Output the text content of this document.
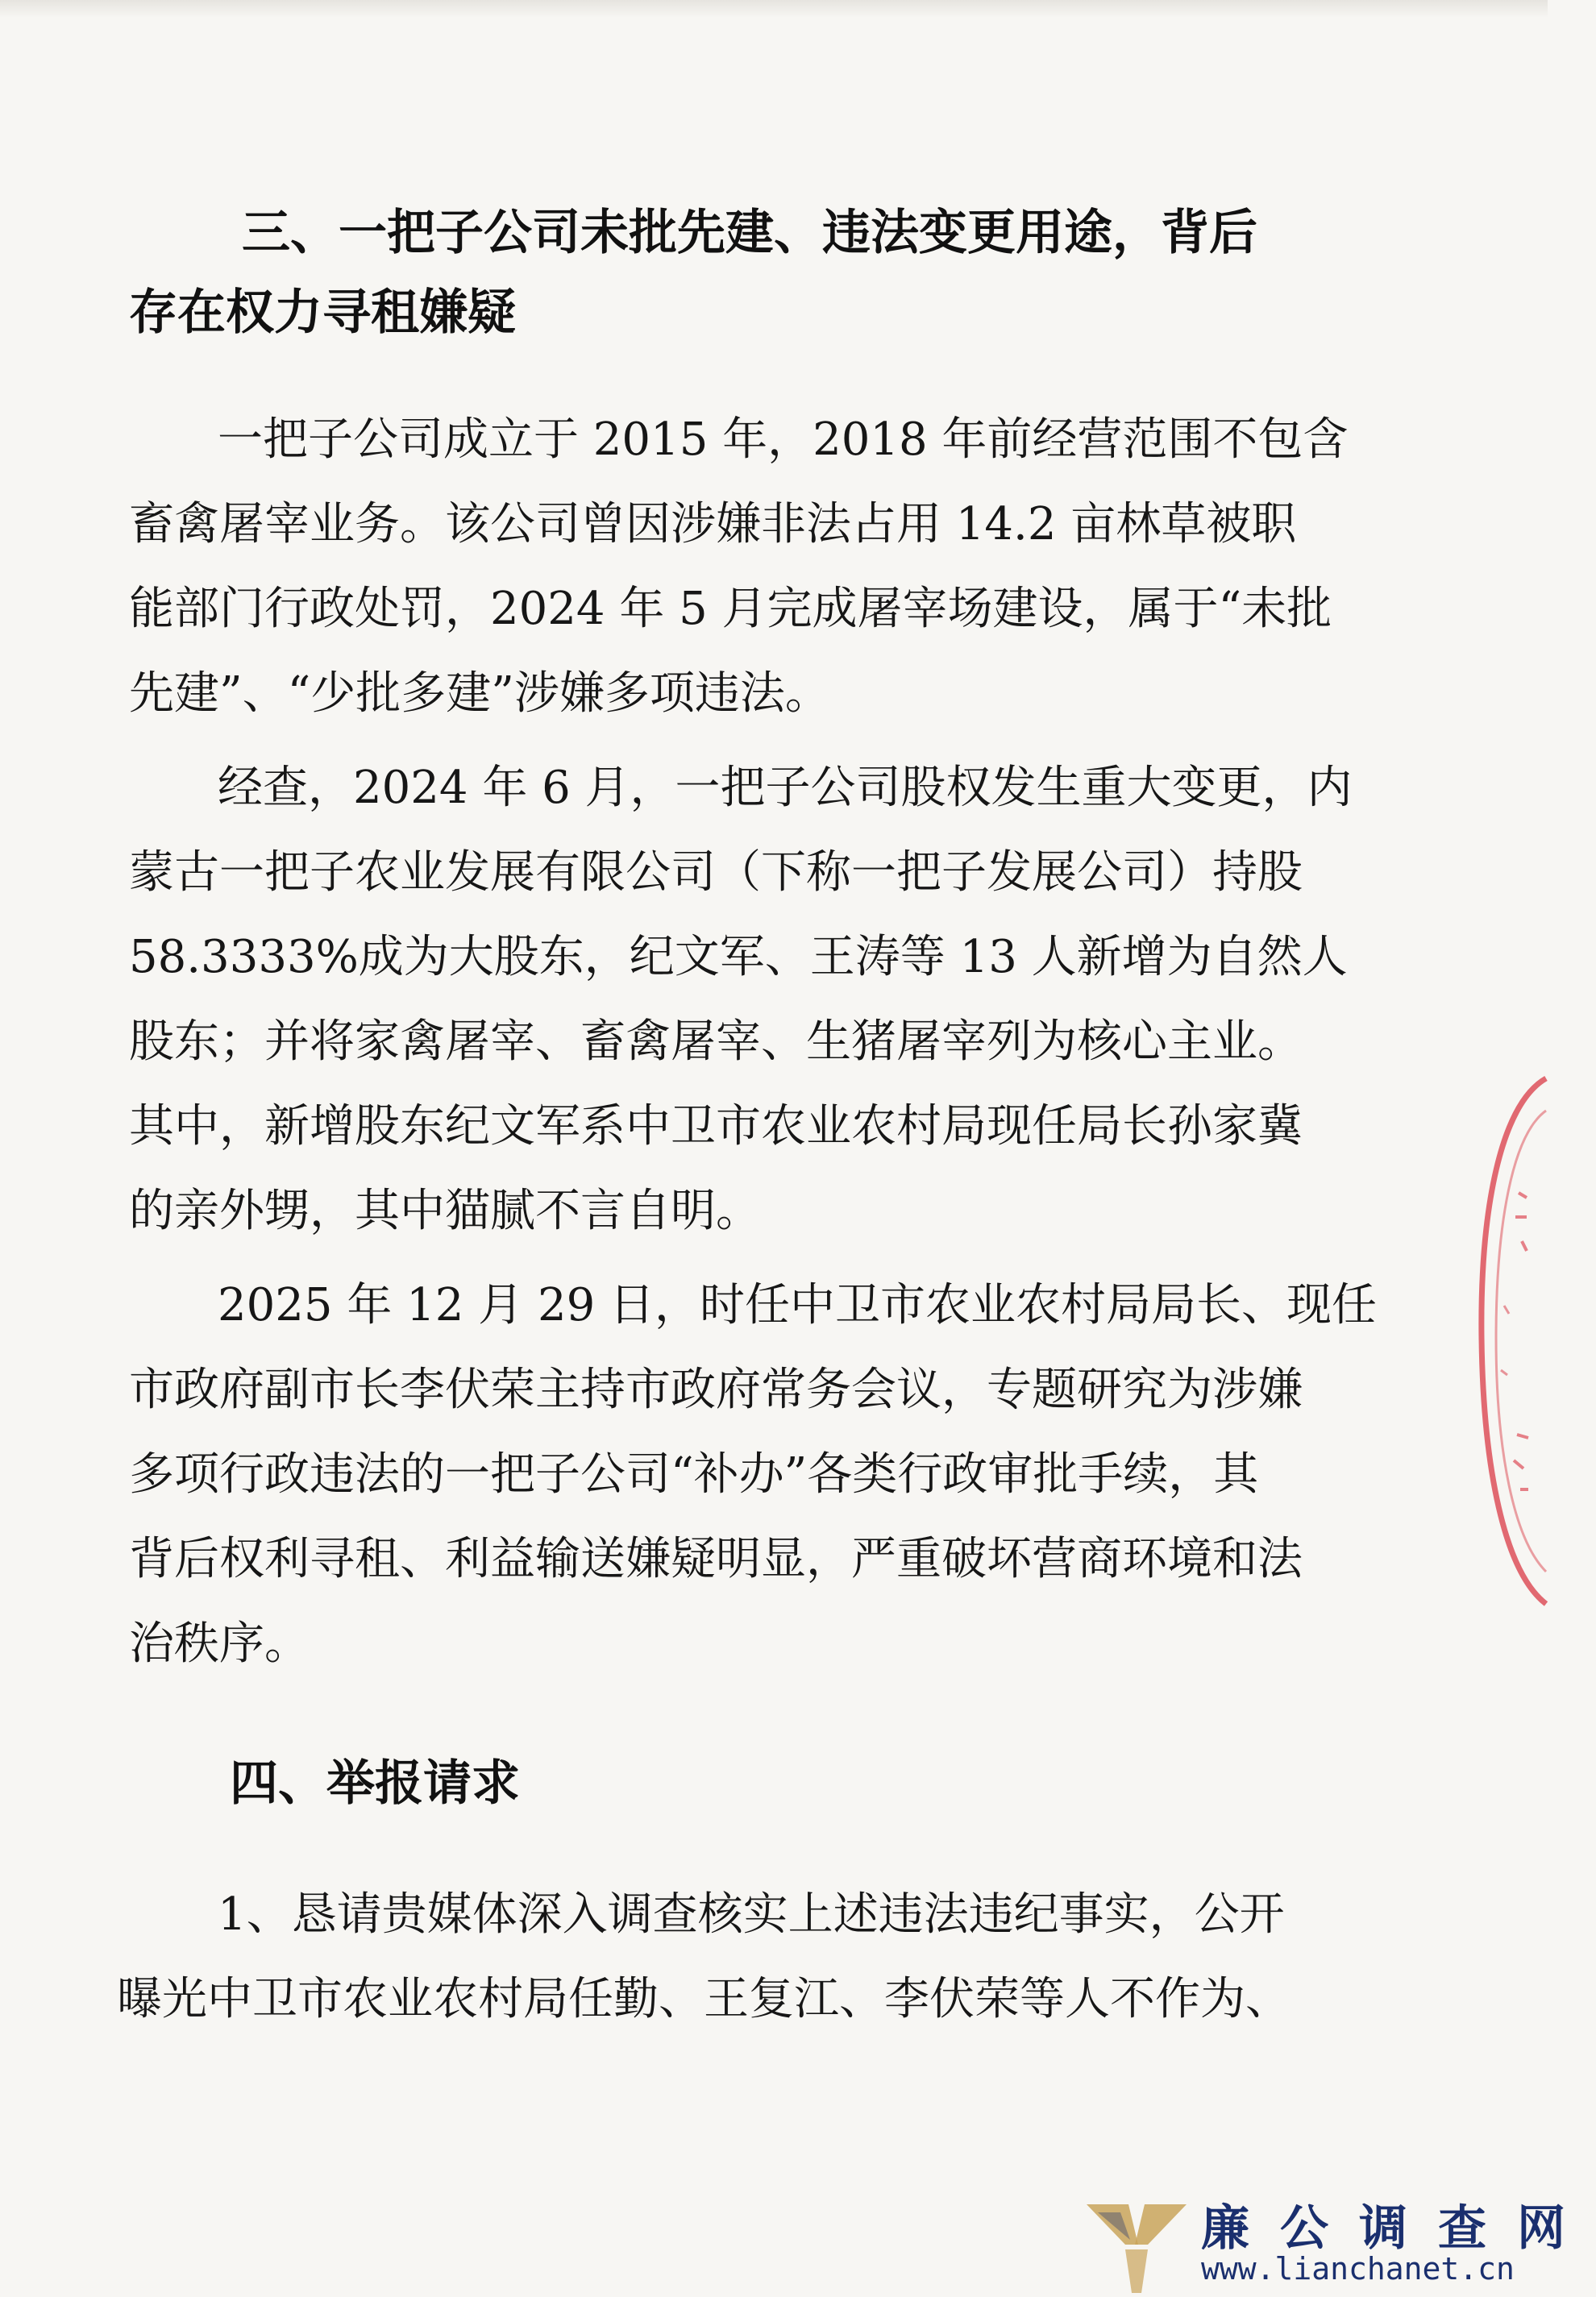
三、一把子公司未批先建、违法变更用途，背后
存在权力寻租嫌疑
一把子公司成立于 2015 年，2018 年前经营范围不包含
畜禽屠宰业务。该公司曾因涉嫌非法占用 14.2 亩林草被职
能部门行政处罚，2024 年 5 月完成屠宰场建设，属于“未批
先建”、“少批多建”涉嫌多项违法。
经查，2024 年 6 月，一把子公司股权发生重大变更，内
蒙古一把子农业发展有限公司（下称一把子发展公司）持股
58.3333%成为大股东，纪文军、王涛等 13 人新增为自然人
股东；并将家禽屠宰、畜禽屠宰、生猪屠宰列为核心主业。
其中，新增股东纪文军系中卫市农业农村局现任局长孙家冀
的亲外甥，其中猫腻不言自明。
2025 年 12 月 29 日，时任中卫市农业农村局局长、现任
市政府副市长李伏荣主持市政府常务会议，专题研究为涉嫌
多项行政违法的一把子公司“补办”各类行政审批手续，其
背后权利寻租、利益输送嫌疑明显，严重破坏营商环境和法
治秩序。
四、举报请求
1、恳请贵媒体深入调查核实上述违法违纪事实，公开
曝光中卫市农业农村局任勤、王复江、李伏荣等人不作为、
廉公调查网
www.lianchanet.cn
